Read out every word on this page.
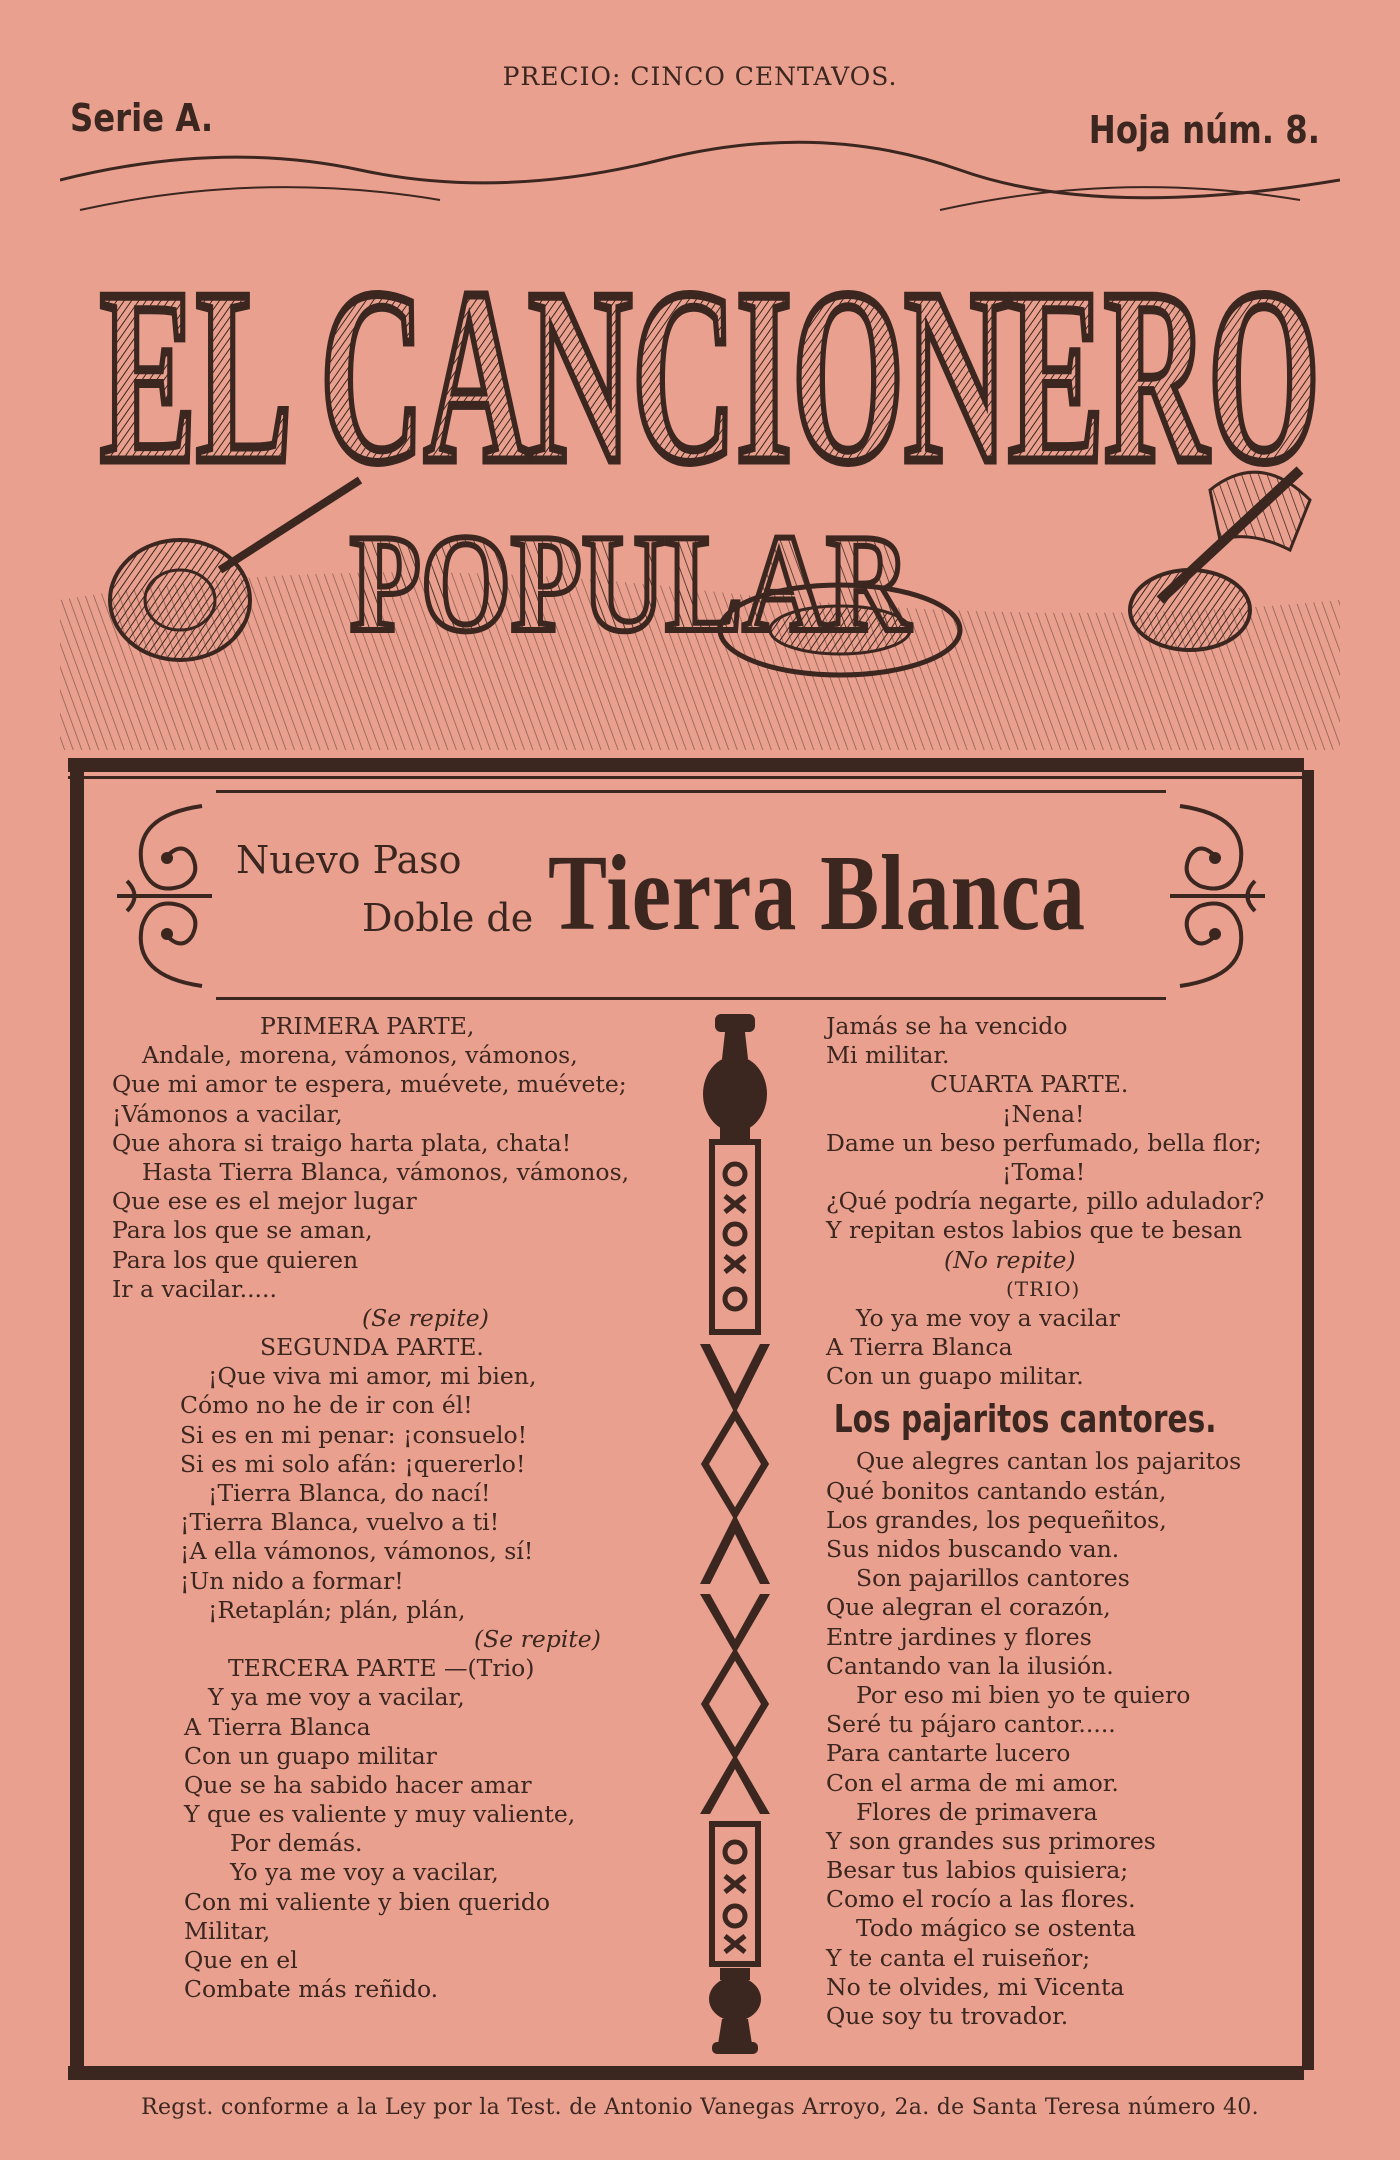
PRECIO: CINCO CENTAVOS.
Serie A.	Hoja núm. 8.
EL CANCIONERO
POPULAR
Nuevo Paso
Doble de Tierra Blanca
PRIMERA PARTE,
Andale, morena, vámonos, vámonos,
Que mi amor te espera, muévete, muévete;
¡Vámonos a vacilar,
Que ahora si traigo harta plata, chata!
Hasta Tierra Blanca, vámonos, vámonos,
Que ese es el mejor lugar
Para los que se aman,
Para los que quieren
Ir a vacilar.....
(Se repite)
SEGUNDA PARTE.
¡Que viva mi amor, mi bien,
Cómo no he de ir con él!
Si es en mi penar: ¡consuelo!
Si es mi solo afán: ¡quererlo!
¡Tierra Blanca, do nací!
¡Tierra Blanca, vuelvo a ti!
¡A ella vámonos, vámonos, sí!
¡Un nido a formar!
¡Retaplán; plán, plán,
(Se repite)
TERCERA PARTE —(Trio)
Y ya me voy a vacilar,
A Tierra Blanca
Con un guapo militar
Que se ha sabido hacer amar
Y que es valiente y muy valiente,
Por demás.
Yo ya me voy a vacilar,
Con mi valiente y bien querido
Militar,
Que en el
Combate más reñido.
Jamás se ha vencido
Mi militar.
CUARTA PARTE.
¡Nena!
Dame un beso perfumado, bella flor;
¡Toma!
¿Qué podría negarte, pillo adulador?
Y repitan estos labios que te besan
(No repite)
(TRIO)
Yo ya me voy a vacilar
A Tierra Blanca
Con un guapo militar.
Los pajaritos cantores.
Que alegres cantan los pajaritos
Qué bonitos cantando están,
Los grandes, los pequeñitos,
Sus nidos buscando van.
Son pajarillos cantores
Que alegran el corazón,
Entre jardines y flores
Cantando van la ilusión.
Por eso mi bien yo te quiero
Seré tu pájaro cantor.....
Para cantarte lucero
Con el arma de mi amor.
Flores de primavera
Y son grandes sus primores
Besar tus labios quisiera;
Como el rocío a las flores.
Todo mágico se ostenta
Y te canta el ruiseñor;
No te olvides, mi Vicenta
Que soy tu trovador.
Regst. conforme a la Ley por la Test. de Antonio Vanegas Arroyo, 2a. de Santa Teresa número 40.
